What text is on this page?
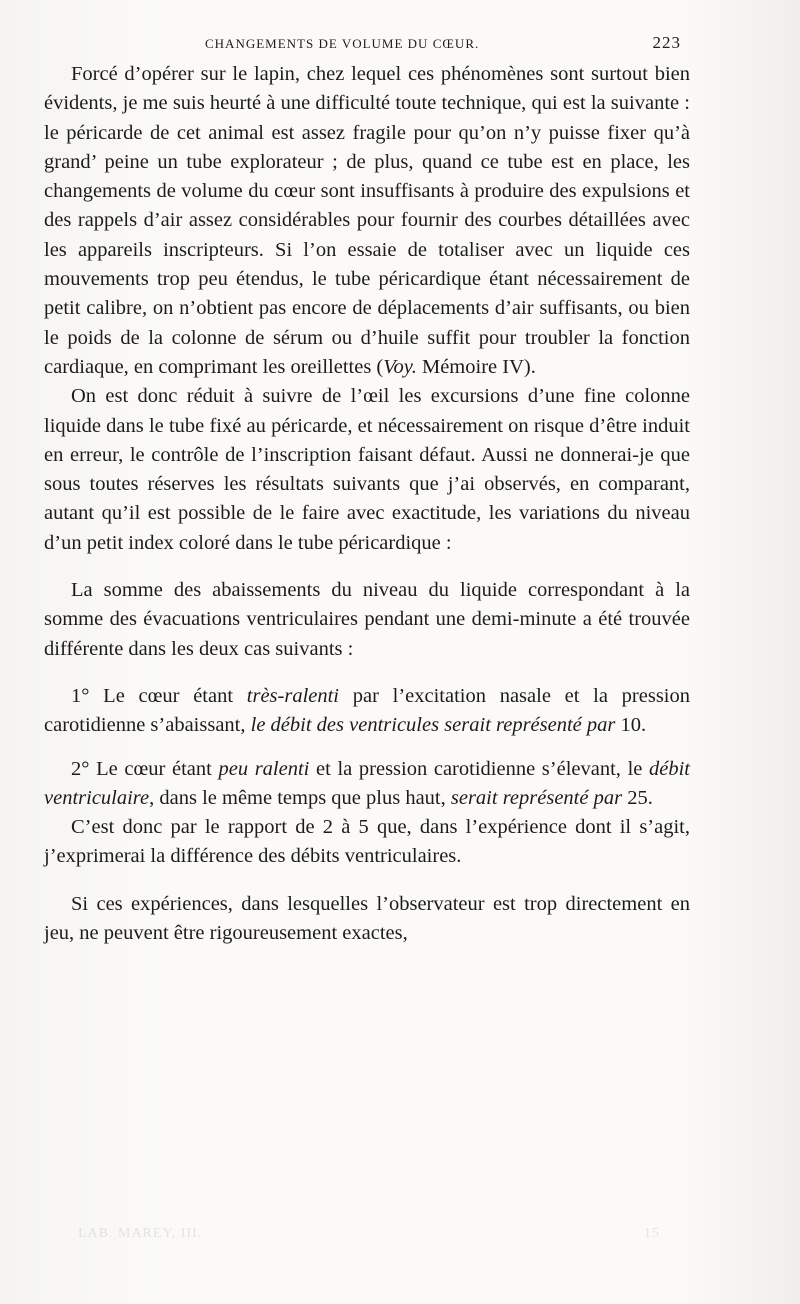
CHANGEMENTS DE VOLUME DU CŒUR.	223

Forcé d’opérer sur le lapin, chez lequel ces phénomènes sont surtout bien évidents, je me suis heurté à une difficulté toute technique, qui est la suivante : le péricarde de cet animal est assez fragile pour qu’on n’y puisse fixer qu’à grand’ peine un tube explorateur ; de plus, quand ce tube est en place, les changements de volume du cœur sont insuffisants à produire des expulsions et des rappels d’air assez considérables pour fournir des courbes détaillées avec les appareils inscripteurs. Si l’on essaie de totaliser avec un liquide ces mouvements trop peu étendus, le tube péricardique étant nécessairement de petit calibre, on n’obtient pas encore de déplacements d’air suffisants, ou bien le poids de la colonne de sérum ou d’huile suffit pour troubler la fonction cardiaque, en comprimant les oreillettes (Voy. Mémoire IV).

On est donc réduit à suivre de l’œil les excursions d’une fine colonne liquide dans le tube fixé au péricarde, et nécessairement on risque d’être induit en erreur, le contrôle de l’inscription faisant défaut. Aussi ne donnerai-je que sous toutes réserves les résultats suivants que j’ai observés, en comparant, autant qu’il est possible de le faire avec exactitude, les variations du niveau d’un petit index coloré dans le tube péricardique :

La somme des abaissements du niveau du liquide correspondant à la somme des évacuations ventriculaires pendant une demi-minute a été trouvée différente dans les deux cas suivants :

1° Le cœur étant très-ralenti par l’excitation nasale et la pression carotidienne s’abaissant, le débit des ventricules serait représenté par 10.

2° Le cœur étant peu ralenti et la pression carotidienne s’élevant, le débit ventriculaire, dans le même temps que plus haut, serait représenté par 25.

C’est donc par le rapport de 2 à 5 que, dans l’expérience dont il s’agit, j’exprimerai la différence des débits ventriculaires.

Si ces expériences, dans lesquelles l’observateur est trop directement en jeu, ne peuvent être rigoureusement exactes,

LAB. MAREY, III.	15
